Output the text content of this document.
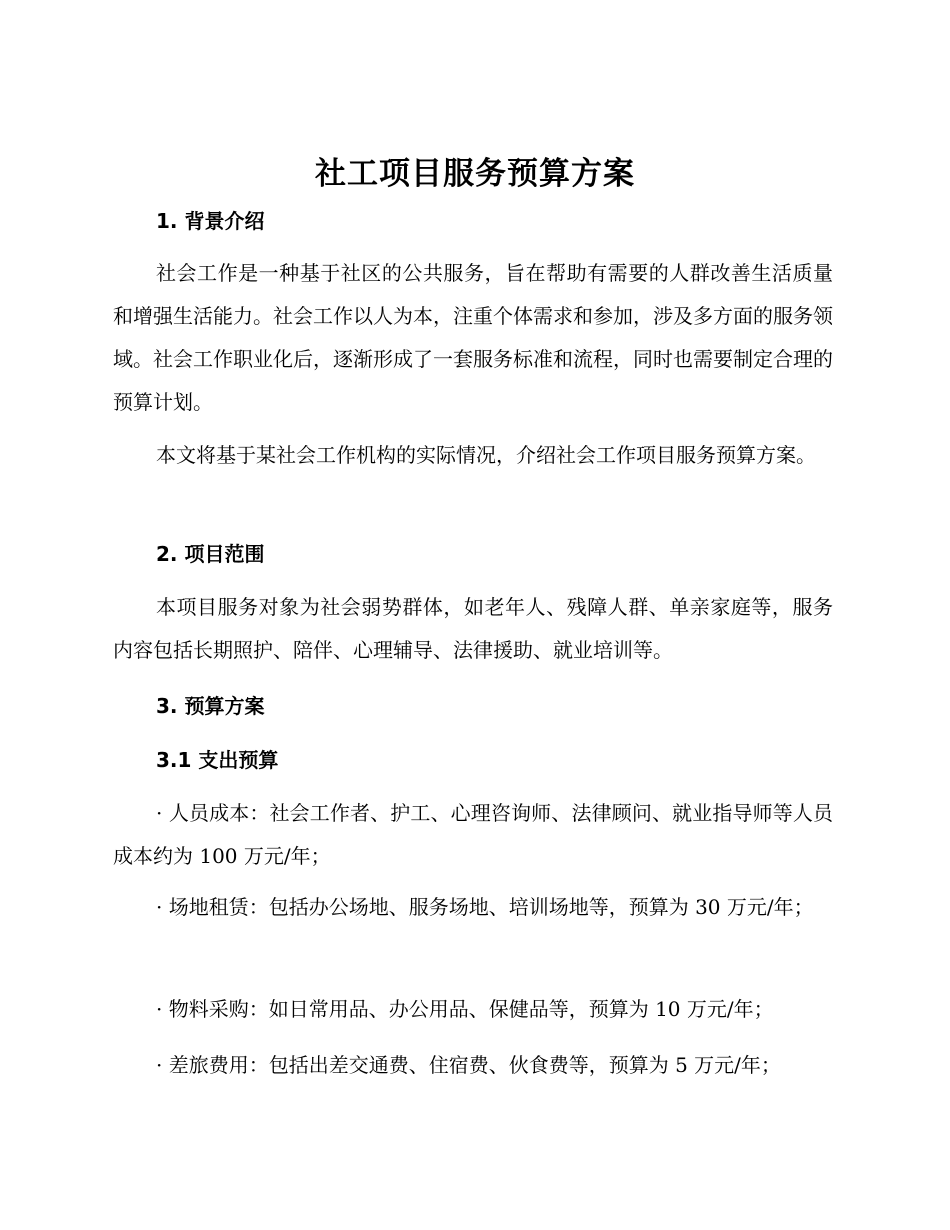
社工项目服务预算方案
1. 背景介绍

社会工作是一种基于社区的公共服务，旨在帮助有需要的人群改善生活质量和增强生活能力。社会工作以人为本，注重个体需求和参加，涉及多方面的服务领域。社会工作职业化后，逐渐形成了一套服务标准和流程，同时也需要制定合理的预算计划。

本文将基于某社会工作机构的实际情况，介绍社会工作项目服务预算方案。

2. 项目范围

本项目服务对象为社会弱势群体，如老年人、残障人群、单亲家庭等，服务内容包括长期照护、陪伴、心理辅导、法律援助、就业培训等。

3. 预算方案
3.1 支出预算

· 人员成本：社会工作者、护工、心理咨询师、法律顾问、就业指导师等人员成本约为 100 万元/年；

· 场地租赁：包括办公场地、服务场地、培训场地等，预算为 30 万元/年；

· 物料采购：如日常用品、办公用品、保健品等，预算为 10 万元/年；

· 差旅费用：包括出差交通费、住宿费、伙食费等，预算为 5 万元/年；
